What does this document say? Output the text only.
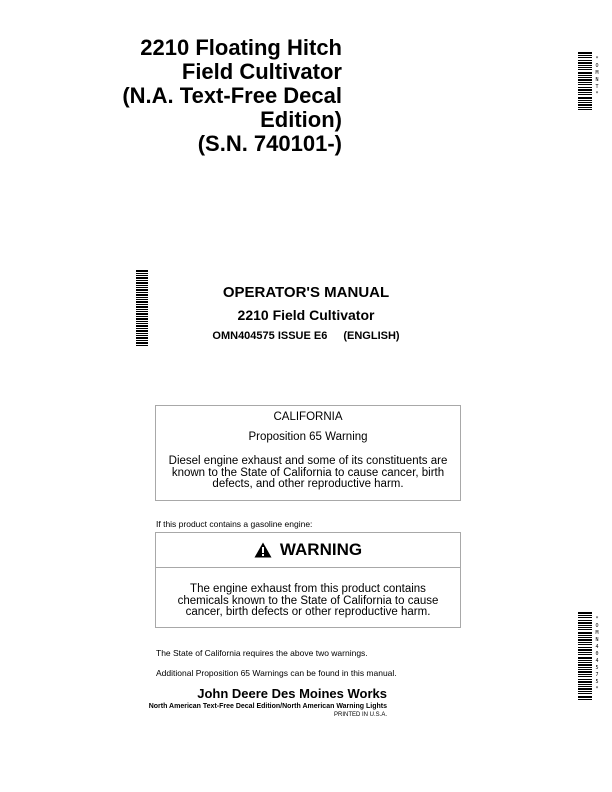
2210 Floating Hitch
Field Cultivator
(N.A. Text-Free Decal
Edition)
(S.N. 740101-)
*
O
M
N
T
*
OPERATOR'S MANUAL
2210 Field Cultivator
OMN404575 ISSUE E6 (ENGLISH)
CALIFORNIA
Proposition 65 Warning
Diesel engine exhaust and some of its constituents are known to the State of California to cause cancer, birth defects, and other reproductive harm.
If this product contains a gasoline engine:
WARNING
The engine exhaust from this product contains chemicals known to the State of California to cause cancer, birth defects or other reproductive harm.
The State of California requires the above two warnings.
Additional Proposition 65 Warnings can be found in this manual.
John Deere Des Moines Works
North American Text-Free Decal Edition/North American Warning Lights
PRINTED IN U.S.A.
*
O
M
N
4
0
4
5
7
5
*
